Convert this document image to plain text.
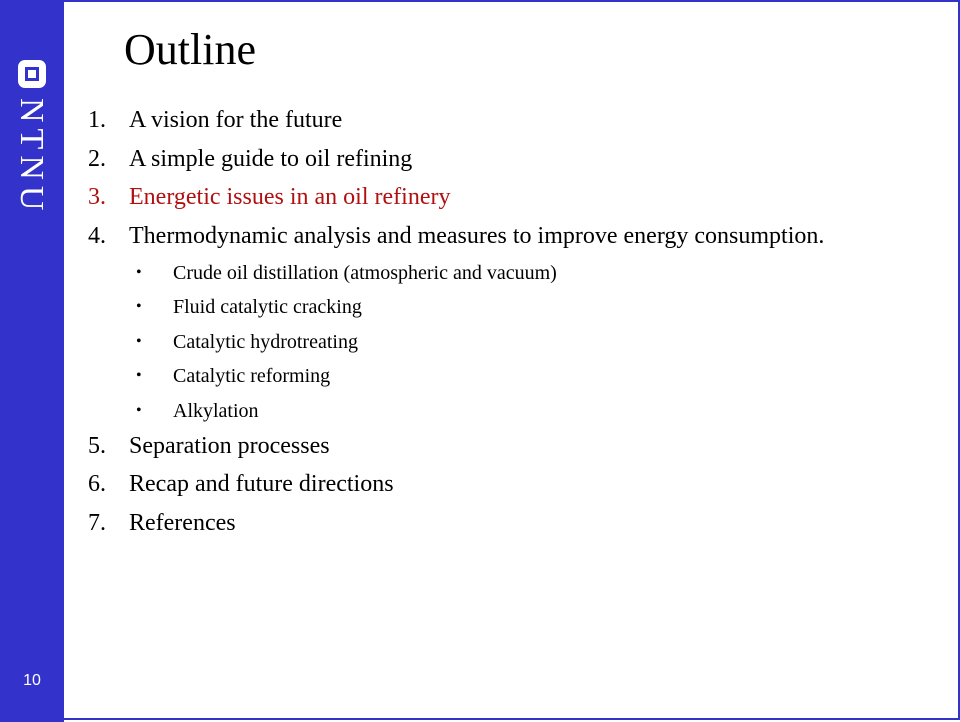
NTNU
10
Outline
1. A vision for the future
2. A simple guide to oil refining
3. Energetic issues in an oil refinery
4. Thermodynamic analysis and measures to improve energy consumption.
• Crude oil distillation (atmospheric and vacuum)
• Fluid catalytic cracking
• Catalytic hydrotreating
• Catalytic reforming
• Alkylation
5. Separation processes
6. Recap and future directions
7. References
